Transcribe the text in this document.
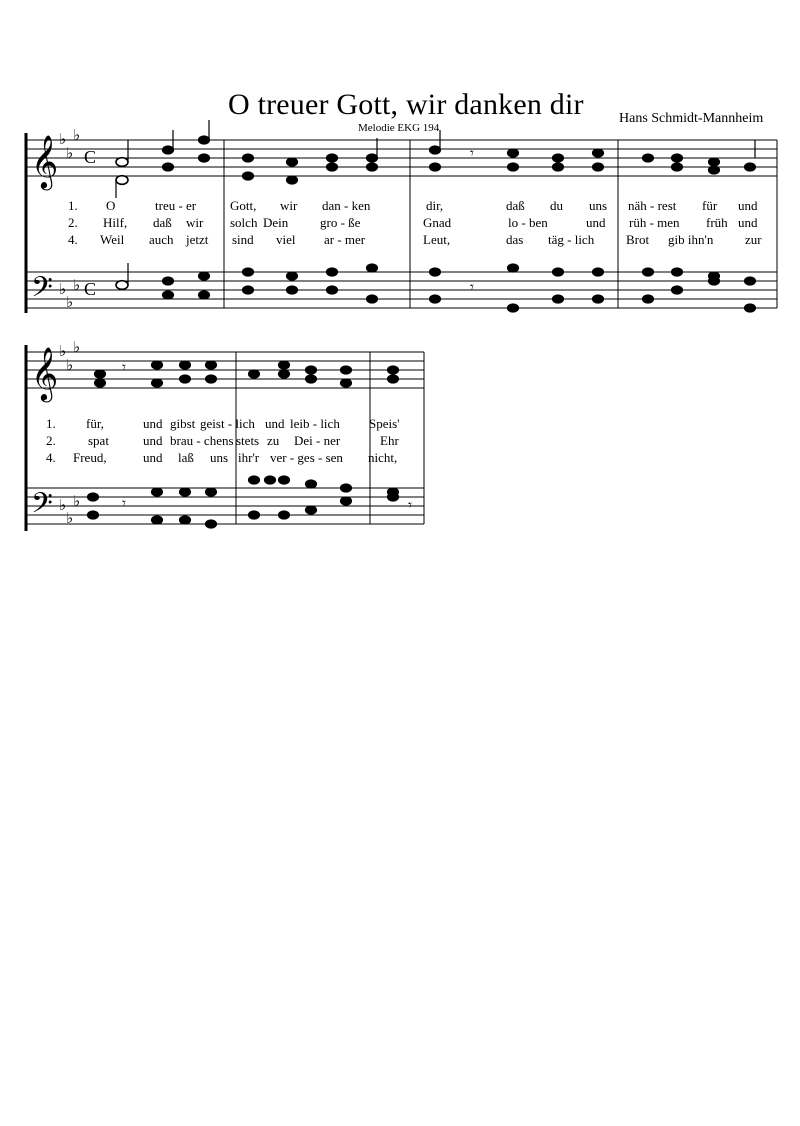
O treuer Gott, wir danken dir
Melodie EKG 194
Hans Schmidt-Mannheim
𝄞
𝄢
♭
♭
♭
♭
♭
♭
C
C
𝄾
1.
2.
4.
O	treu - er	Gott, wir dan - ken	dir,	daß du uns näh - rest für und
Hilf, daß wir solch Dein gro - ße	Gnad	lo - ben	und rüh - men früh und
Weil auch jetzt sind viel ar - mer	Leut,	das täg - lich Brot gib ihn'n zur
𝄾
𝄞
𝄢
♭
♭
♭
♭
♭
♭
𝄾
1.
2.
4.
für,	und gibst geist - lich und leib - lich Speis'
spat	und brau - chens stets zu Dei - ner	Ehr
Freud,	und laß uns ihr'r ver - ges - sen nicht,
𝄾	𝄾
